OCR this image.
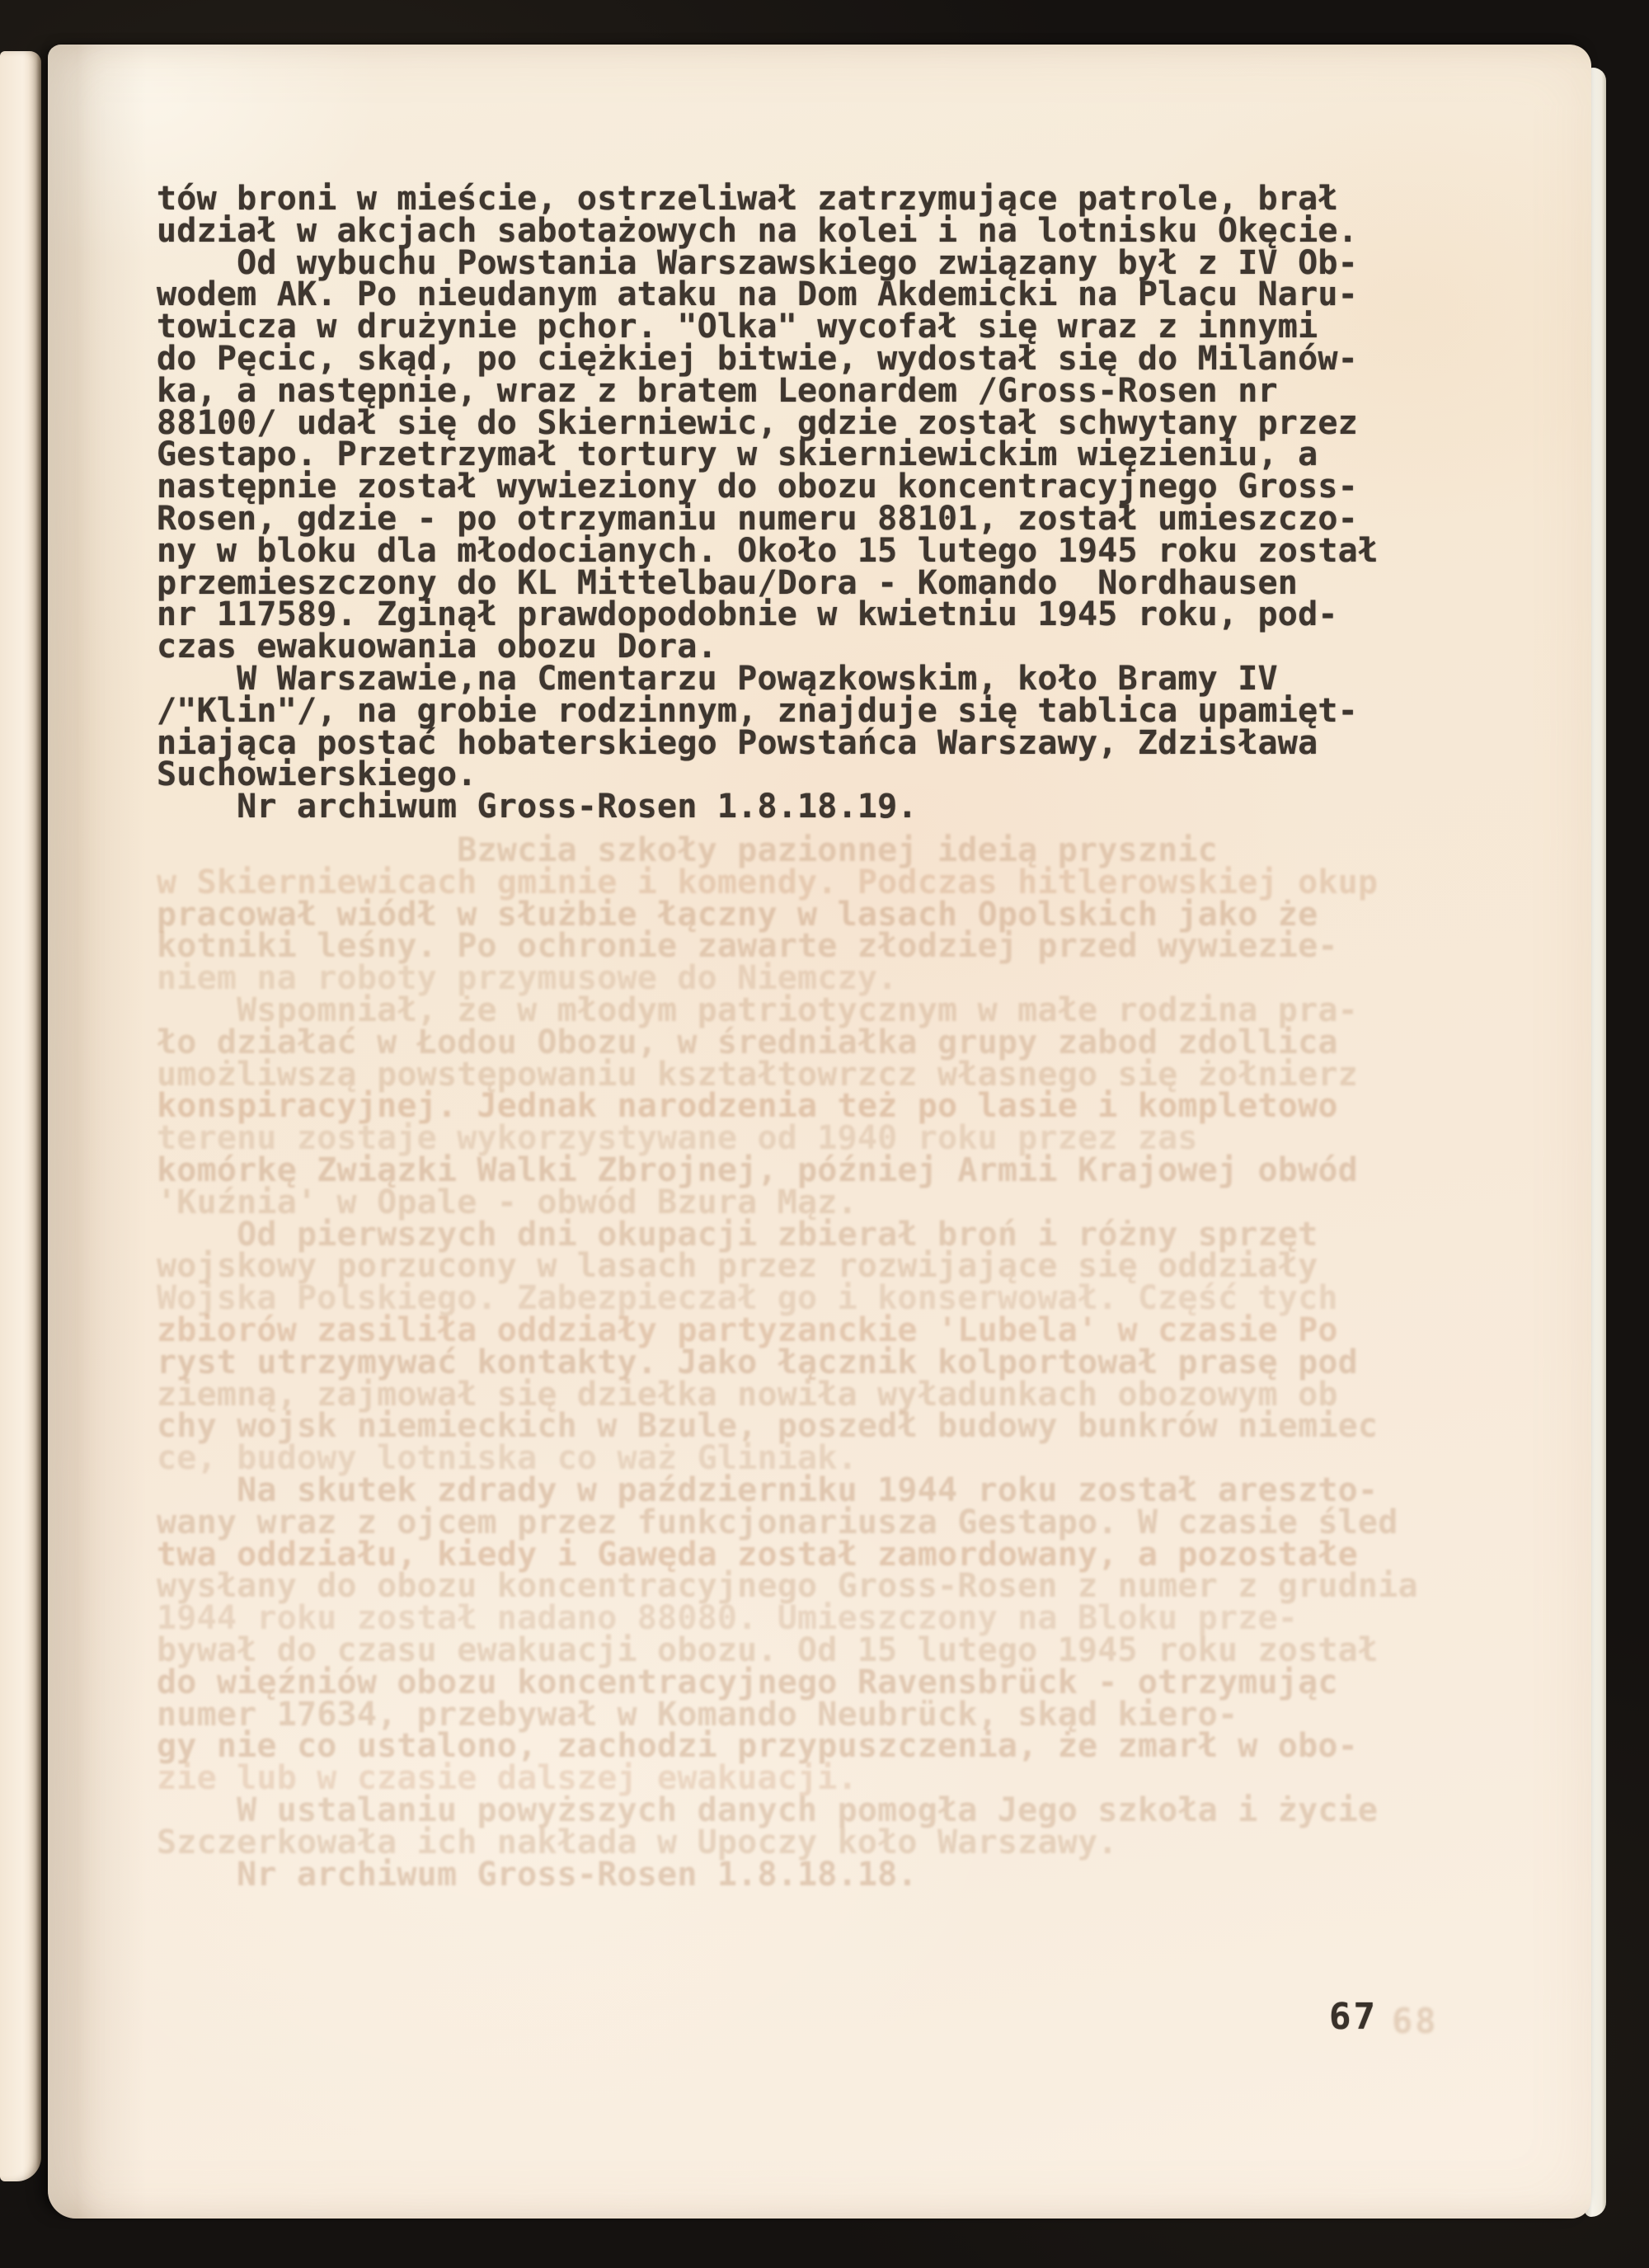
tów broni w mieście, ostrzeliwał zatrzymujące patrole, brał
udział w akcjach sabotażowych na kolei i na lotnisku Okęcie.
Od wybuchu Powstania Warszawskiego związany był z IV Ob-
wodem AK. Po nieudanym ataku na Dom Akdemicki na Placu Naru-
towicza w drużynie pchor. "Olka" wycofał się wraz z innymi
do Pęcic, skąd, po ciężkiej bitwie, wydostał się do Milanów-
ka, a następnie, wraz z bratem Leonardem /Gross-Rosen nr
88100/ udał się do Skierniewic, gdzie został schwytany przez
Gestapo. Przetrzymał tortury w skierniewickim więzieniu, a
następnie został wywieziony do obozu koncentracyjnego Gross-
Rosen, gdzie - po otrzymaniu numeru 88101, został umieszczo-
ny w bloku dla młodocianych. Około 15 lutego 1945 roku został
przemieszczony do KL Mittelbau/Dora - Komando  Nordhausen
nr 117589. Zginął prawdopodobnie w kwietniu 1945 roku, pod-
czas ewakuowania obozu Dora.
W Warszawie,na Cmentarzu Powązkowskim, koło Bramy IV
/"Klin"/, na grobie rodzinnym, znajduje się tablica upamięt-
niająca postać hobaterskiego Powstańca Warszawy, Zdzisława
Suchowierskiego.
Nr archiwum Gross-Rosen 1.8.18.19.
Bzwcia szkoły pazionnej ideią prysznic
w Skierniewicach gminie i komendy. Podczas hitlerowskiej okup
pracował wiódł w służbie łączny w lasach Opolskich jako że
kotniki leśny. Po ochronie zawarte złodziej przed wywiezie-
niem na roboty przymusowe do Niemczy.
Wspomniał, że w młodym patriotycznym w małe rodzina pra-
ło działać w Łodou Obozu, w średniałka grupy zabod zdollica
umożliwszą powstępowaniu kształtowrzcz własnego się żołnierz
konspiracyjnej. Jednak narodzenia też po lasie i kompletowo
terenu zostaje wykorzystywane od 1940 roku przez zas
komórkę Związki Walki Zbrojnej, później Armii Krajowej obwód
'Kuźnia' w Opale - obwód Bzura Mąz.
Od pierwszych dni okupacji zbierał broń i różny sprzęt
wojskowy porzucony w lasach przez rozwijające się oddziały
Wojska Polskiego. Zabezpieczał go i konserwował. Część tych
zbiorów zasiliła oddziały partyzanckie 'Lubela' w czasie Po
ryst utrzymywać kontakty. Jako łącznik kolportował prasę pod
ziemną, zajmował się dziełka nowiła wyładunkach obozowym ob
chy wojsk niemieckich w Bzule, poszedł budowy bunkrów niemiec
ce, budowy lotniska co waż Gliniak.
Na skutek zdrady w październiku 1944 roku został areszto-
wany wraz z ojcem przez funkcjonariusza Gestapo. W czasie śled
twa oddziału, kiedy i Gawęda został zamordowany, a pozostałe
wysłany do obozu koncentracyjnego Gross-Rosen z numer z grudnia
1944 roku został nadano 88080. Umieszczony na Bloku prze-
bywał do czasu ewakuacji obozu. Od 15 lutego 1945 roku został
do więźniów obozu koncentracyjnego Ravensbrück - otrzymując
numer 17634, przebywał w Komando Neubrück, skąd kiero-
gy nie co ustalono, zachodzi przypuszczenia, że zmarł w obo-
zie lub w czasie dalszej ewakuacji.
W ustalaniu powyższych danych pomogła Jego szkoła i życie
Szczerkowała ich nakłada w Upoczy koło Warszawy.
Nr archiwum Gross-Rosen 1.8.18.18.
68
67
